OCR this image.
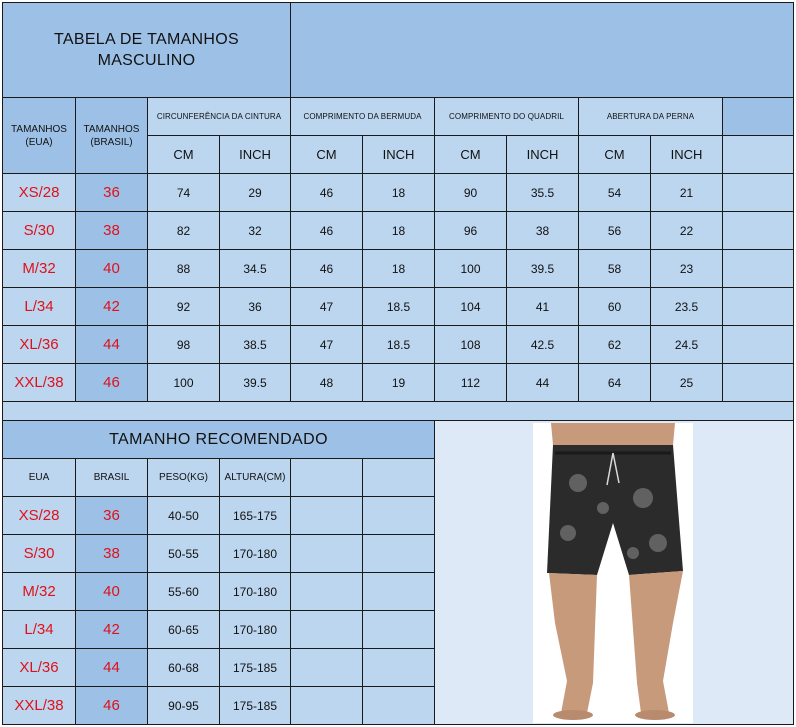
TABELA DE TAMANHOS
MASCULINO
TAMANHOS
(EUA)
TAMANHOS
(BRASIL)
CIRCUNFERÊNCIA DA CINTURA	COMPRIMENTO DA BERMUDA	COMPRIMENTO DO QUADRIL	ABERTURA DA PERNA
CM	INCH	CM	INCH	CM	INCH	CM	INCH
XS/28	36	74	29	46	18	90	35.5	54	21
S/30	38	82	32	46	18	96	38	56	22
M/32	40	88	34.5	46	18	100	39.5	58	23
L/34	42	92	36	47	18.5	104	41	60	23.5
XL/36	44	98	38.5	47	18.5	108	42.5	62	24.5
XXL/38	46	100	39.5	48	19	112	44	64	25
TAMANHO RECOMENDADO
EUA	BRASIL	PESO(KG)	ALTURA(CM)
XS/28	36	40-50	165-175
S/30	38	50-55	170-180
M/32	40	55-60	170-180
L/34	42	60-65	170-180
XL/36	44	60-68	175-185
XXL/38	46	90-95	175-185
